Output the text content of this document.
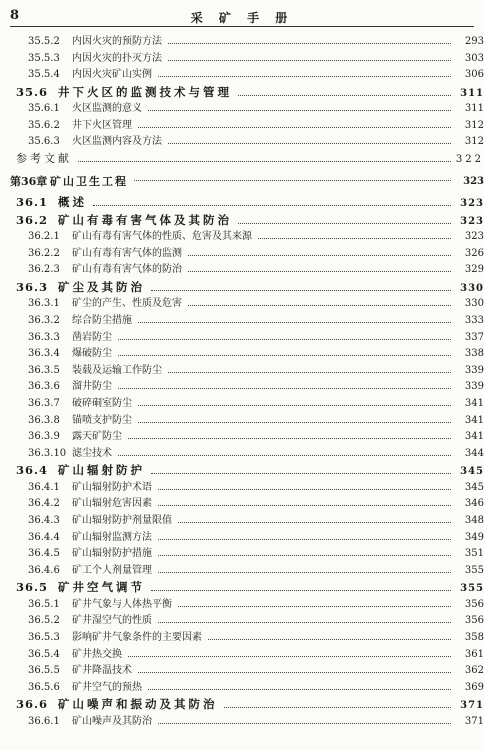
8	采 矿 手 册
35.5.2	内因火灾的预防方法	293
35.5.3	内因火灾的扑灭方法	303
35.5.4	内因火灾矿山实例	306
35.6 井下火区的监测技术与管理	311
35.6.1	火区监测的意义	311
35.6.2	井下火区管理	312
35.6.3	火区监测内容及方法	312
参考文献	322
第36章 矿山卫生工程	323
36.1 概述	323
36.2 矿山有毒有害气体及其防治	323
36.2.1	矿山有毒有害气体的性质、危害及其来源	323
36.2.2	矿山有毒有害气体的监测	326
36.2.3	矿山有毒有害气体的防治	329
36.3 矿尘及其防治	330
36.3.1	矿尘的产生、性质及危害	330
36.3.2	综合防尘措施	333
36.3.3	凿岩防尘	337
36.3.4	爆破防尘	338
36.3.5	装载及运输工作防尘	339
36.3.6	溜井防尘	339
36.3.7	破碎硐室防尘	341
36.3.8	锚喷支护防尘	341
36.3.9	露天矿防尘	341
36.3.10 滤尘技术	344
36.4 矿山辐射防护	345
36.4.1	矿山辐射防护术语	345
36.4.2	矿山辐射危害因素	346
36.4.3	矿山辐射防护剂量限值	348
36.4.4	矿山辐射监测方法	349
36.4.5	矿山辐射防护措施	351
36.4.6	矿工个人剂量管理	355
36.5 矿井空气调节	355
36.5.1	矿井气象与人体热平衡	356
36.5.2	矿井湿空气的性质	356
36.5.3	影响矿井气象条件的主要因素	358
36.5.4	矿井热交换	361
36.5.5	矿井降温技术	362
36.5.6	矿井空气的预热	369
36.6 矿山噪声和振动及其防治	371
36.6.1	矿山噪声及其防治	371
